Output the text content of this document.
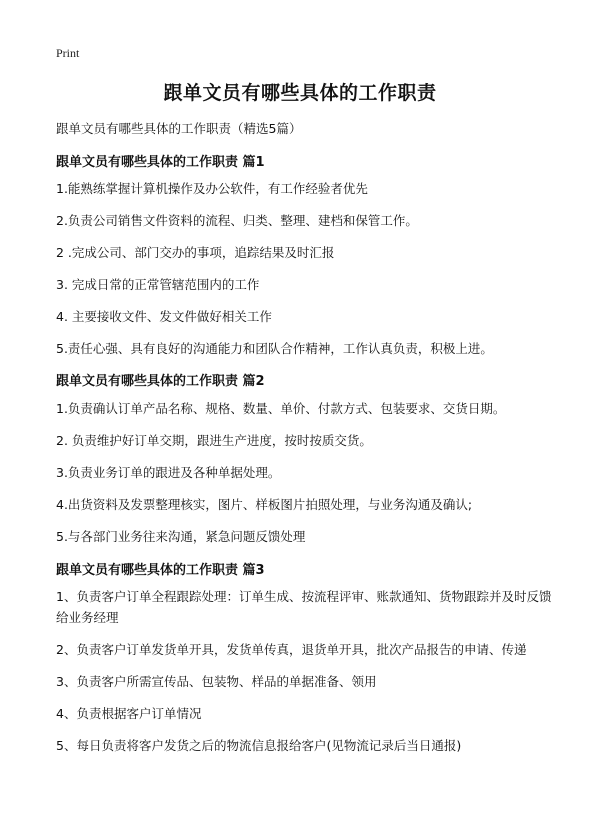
Print
跟单文员有哪些具体的工作职责
跟单文员有哪些具体的工作职责（精选5篇）
跟单文员有哪些具体的工作职责 篇1
1.能熟练掌握计算机操作及办公软件，有工作经验者优先
2.负责公司销售文件资料的流程、归类、整理、建档和保管工作。
2 .完成公司、部门交办的事项，追踪结果及时汇报
3. 完成日常的正常管辖范围内的工作
4. 主要接收文件、发文件做好相关工作
5.责任心强、具有良好的沟通能力和团队合作精神，工作认真负责，积极上进。
跟单文员有哪些具体的工作职责 篇2
1.负责确认订单产品名称、规格、数量、单价、付款方式、包装要求、交货日期。
2. 负责维护好订单交期，跟进生产进度，按时按质交货。
3.负责业务订单的跟进及各种单据处理。
4.出货资料及发票整理核实，图片、样板图片拍照处理，与业务沟通及确认;
5.与各部门业务往来沟通，紧急问题反馈处理
跟单文员有哪些具体的工作职责 篇3
1、负责客户订单全程跟踪处理：订单生成、按流程评审、账款通知、货物跟踪并及时反馈给业务经理
2、负责客户订单发货单开具，发货单传真，退货单开具，批次产品报告的申请、传递
3、负责客户所需宣传品、包装物、样品的单据准备、领用
4、负责根据客户订单情况
5、每日负责将客户发货之后的物流信息报给客户(见物流记录后当日通报)
